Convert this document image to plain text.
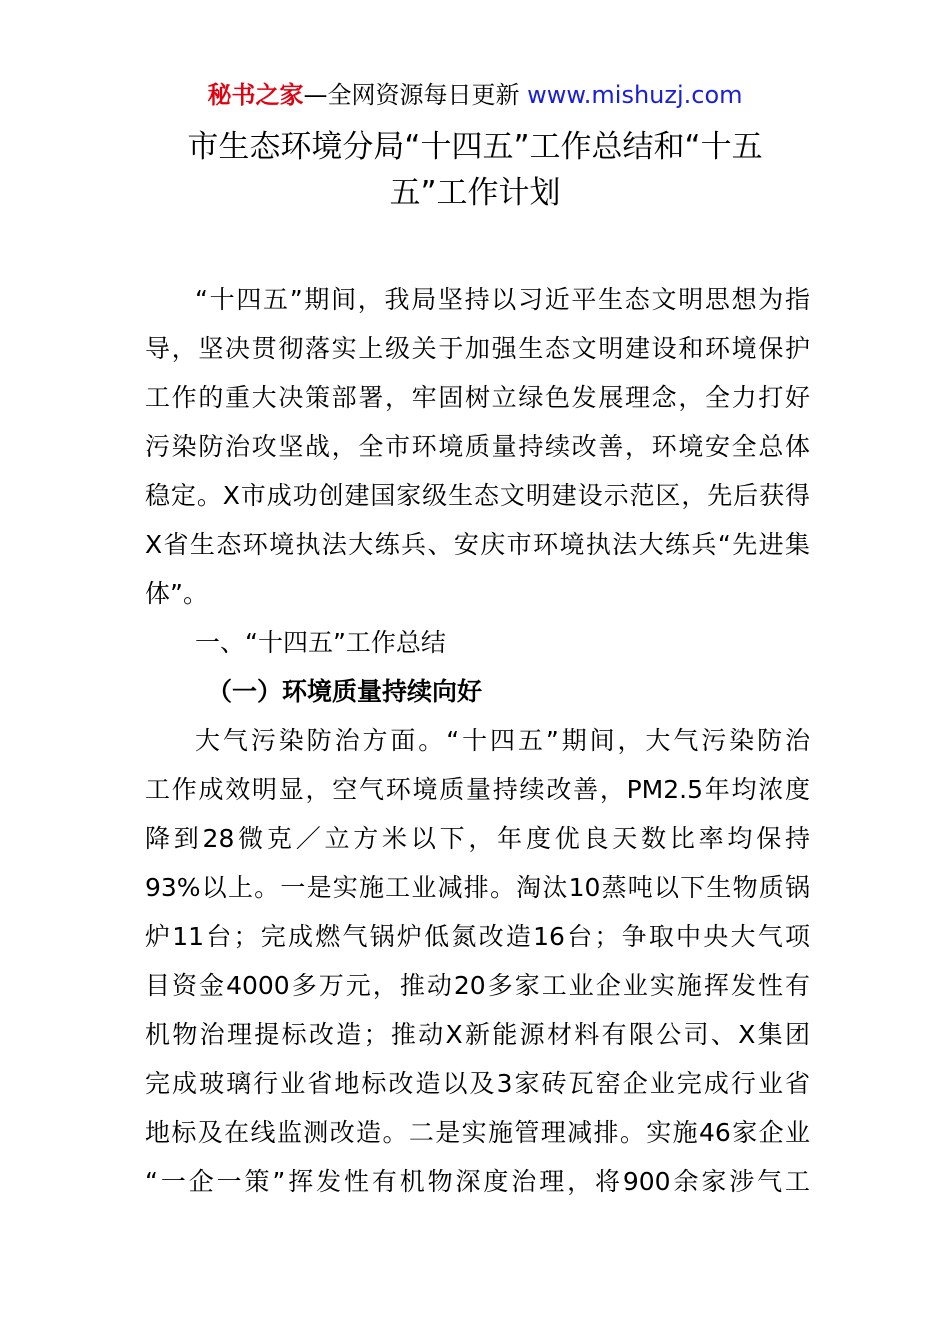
秘书之家—全网资源每日更新 www.mishuzj.com
市生态环境分局“十四五”工作总结和“十五
五”工作计划
“十四五”期间，我局坚持以习近平生态文明思想为指
导，坚决贯彻落实上级关于加强生态文明建设和环境保护
工作的重大决策部署，牢固树立绿色发展理念，全力打好
污染防治攻坚战，全市环境质量持续改善，环境安全总体
稳定。X市成功创建国家级生态文明建设示范区，先后获得
X省生态环境执法大练兵、安庆市环境执法大练兵“先进集
体”。
一、“十四五”工作总结
（一）环境质量持续向好
大气污染防治方面。“十四五”期间，大气污染防治
工作成效明显，空气环境质量持续改善，PM2.5年均浓度
降到28微克／立方米以下，年度优良天数比率均保持
93%以上。一是实施工业减排。淘汰10蒸吨以下生物质锅
炉11台；完成燃气锅炉低氮改造16台；争取中央大气项
目资金4000多万元，推动20多家工业企业实施挥发性有
机物治理提标改造；推动X新能源材料有限公司、X集团
完成玻璃行业省地标改造以及3家砖瓦窑企业完成行业省
地标及在线监测改造。二是实施管理减排。实施46家企业
“一企一策”挥发性有机物深度治理，将900余家涉气工
